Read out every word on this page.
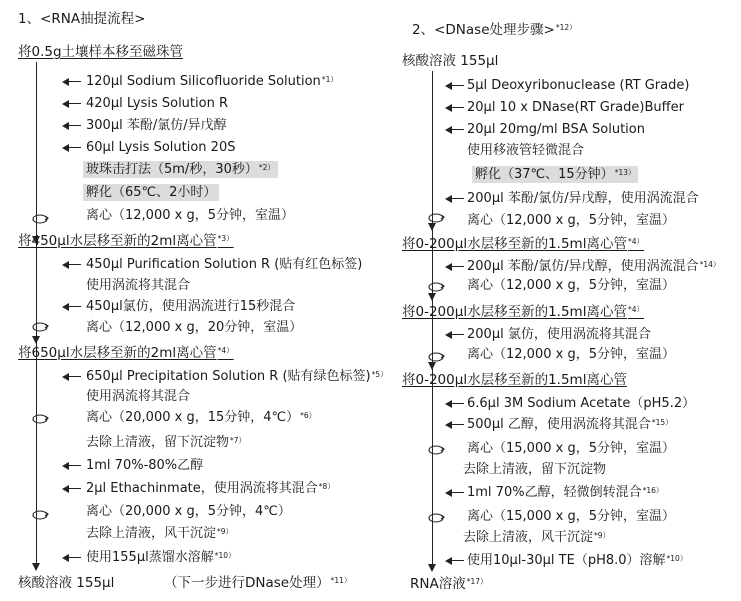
1、<RNA抽提流程>
将0.5g土壤样本移至磁珠管
120µl Sodium Silicofluoride Solution$^{*1)}$
420µl Lysis Solution R
300µl 苯酚/氯仿/异戊醇
60µl Lysis Solution 20S
玻珠击打法（5m/秒，30秒）$^{*2)}$
孵化（65℃、2小时）
离心（12,000 x g，5分钟，室温）
将450µl水层移至新的2ml离心管$^{*3)}$
450µl Purification Solution R (贴有红色标签)
使用涡流将其混合
450µl氯仿，使用涡流进行15秒混合
离心（12,000 x g，20分钟，室温）
将650µl水层移至新的2ml离心管$^{*4)}$
650µl Precipitation Solution R (贴有绿色标签)$^{*5)}$
使用涡流将其混合
离心（20,000 x g，15分钟，4℃）$^{*6)}$
去除上清液，留下沉淀物$^{*7)}$
1ml 70%-80%乙醇
2µl Ethachinmate，使用涡流将其混合$^{*8)}$
离心（20,000 x g，5分钟，4℃）
去除上清液，风干沉淀$^{*9)}$
使用155µl蒸馏水溶解$^{*10)}$
核酸溶液 155µl	（下一步进行DNase处理）$^{*11)}$
2、<DNase处理步骤>$^{*12)}$
核酸溶液 155µl
5µl Deoxyribonuclease (RT Grade)
20µl 10 x DNase(RT Grade)Buffer
20µl 20mg/ml BSA Solution
使用移液管轻微混合
孵化（37℃、15分钟）$^{*13)}$
200µl 苯酚/氯仿/异戊醇，使用涡流混合
离心（12,000 x g，5分钟，室温）
将0-200µl水层移至新的1.5ml离心管$^{*4)}$
200µl 苯酚/氯仿/异戊醇，使用涡流混合$^{*14)}$
离心（12,000 x g，5分钟，室温）
将0-200µl水层移至新的1.5ml离心管$^{*4)}$
200µl 氯仿，使用涡流将其混合
离心（12,000 x g，5分钟，室温）
将0-200µl水层移至新的1.5ml离心管
6.6µl 3M Sodium Acetate（pH5.2）
500µl 乙醇，使用涡流将其混合$^{*15)}$
离心（15,000 x g，5分钟，室温）
去除上清液，留下沉淀物
1ml 70%乙醇，轻微倒转混合$^{*16)}$
离心（15,000 x g，5分钟，室温）
去除上清液，风干沉淀$^{*9)}$
使用10µl-30µl TE（pH8.0）溶解$^{*10)}$
RNA溶液$^{*17)}$
